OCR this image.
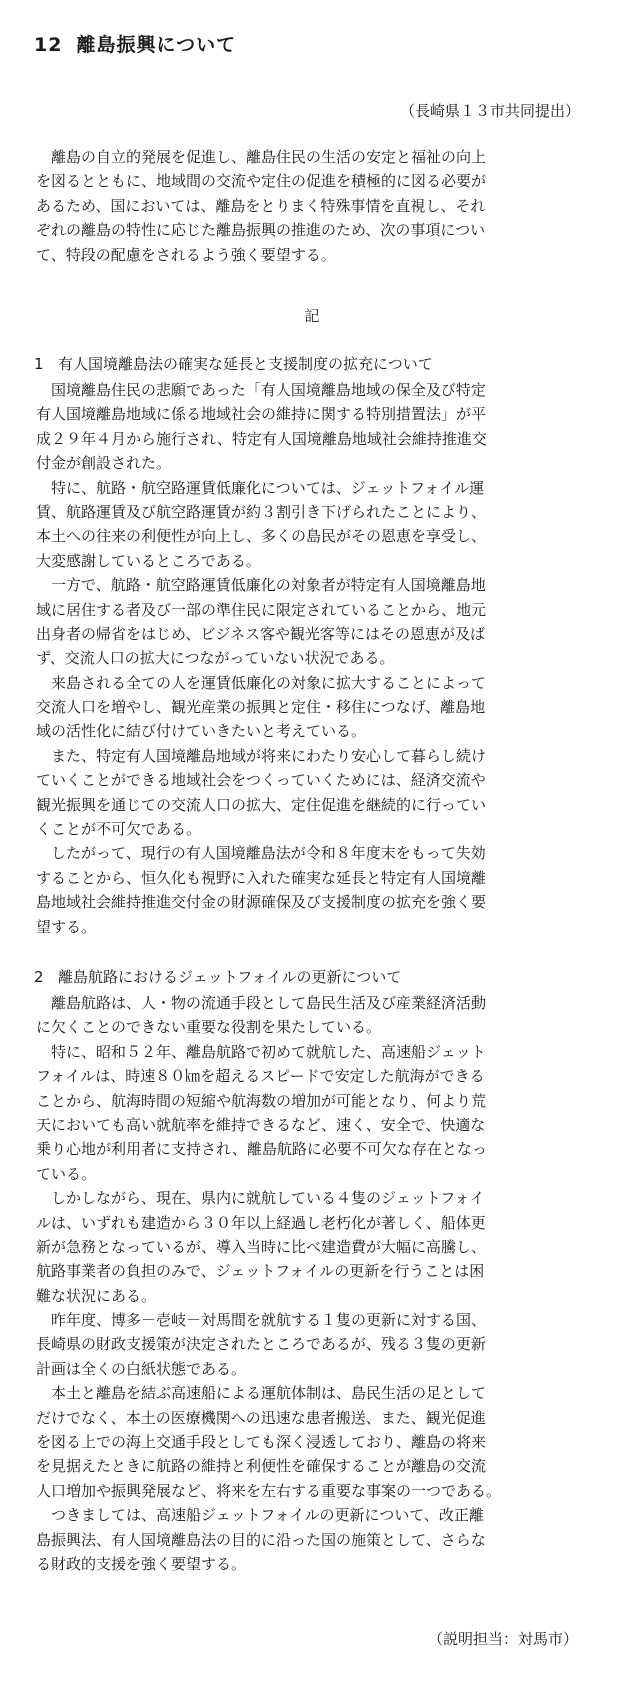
12 離島振興について
（長崎県１３市共同提出）
　離島の自立的発展を促進し、離島住民の生活の安定と福祉の向上
を図るとともに、地域間の交流や定住の促進を積極的に図る必要が
あるため、国においては、離島をとりまく特殊事情を直視し、それ
ぞれの離島の特性に応じた離島振興の推進のため、次の事項につい
て、特段の配慮をされるよう強く要望する。
記
1 有人国境離島法の確実な延長と支援制度の拡充について
　国境離島住民の悲願であった「有人国境離島地域の保全及び特定
有人国境離島地域に係る地域社会の維持に関する特別措置法」が平
成２９年４月から施行され、特定有人国境離島地域社会維持推進交
付金が創設された。
　特に、航路・航空路運賃低廉化については、ジェットフォイル運
賃、航路運賃及び航空路運賃が約３割引き下げられたことにより、
本土への往来の利便性が向上し、多くの島民がその恩恵を享受し、
大変感謝しているところである。
　一方で、航路・航空路運賃低廉化の対象者が特定有人国境離島地
域に居住する者及び一部の準住民に限定されていることから、地元
出身者の帰省をはじめ、ビジネス客や観光客等にはその恩恵が及ば
ず、交流人口の拡大につながっていない状況である。
　来島される全ての人を運賃低廉化の対象に拡大することによって
交流人口を増やし、観光産業の振興と定住・移住につなげ、離島地
域の活性化に結び付けていきたいと考えている。
　また、特定有人国境離島地域が将来にわたり安心して暮らし続け
ていくことができる地域社会をつくっていくためには、経済交流や
観光振興を通じての交流人口の拡大、定住促進を継続的に行ってい
くことが不可欠である。
　したがって、現行の有人国境離島法が令和８年度末をもって失効
することから、恒久化も視野に入れた確実な延長と特定有人国境離
島地域社会維持推進交付金の財源確保及び支援制度の拡充を強く要
望する。
2 離島航路におけるジェットフォイルの更新について
　離島航路は、人・物の流通手段として島民生活及び産業経済活動
に欠くことのできない重要な役割を果たしている。
　特に、昭和５２年、離島航路で初めて就航した、高速船ジェット
フォイルは、時速８０㎞を超えるスピードで安定した航海ができる
ことから、航海時間の短縮や航海数の増加が可能となり、何より荒
天においても高い就航率を維持できるなど、速く、安全で、快適な
乗り心地が利用者に支持され、離島航路に必要不可欠な存在となっ
ている。
　しかしながら、現在、県内に就航している４隻のジェットフォイ
ルは、いずれも建造から３０年以上経過し老朽化が著しく、船体更
新が急務となっているが、導入当時に比べ建造費が大幅に高騰し、
航路事業者の負担のみで、ジェットフォイルの更新を行うことは困
難な状況にある。
　昨年度、博多－壱岐－対馬間を就航する１隻の更新に対する国、
長崎県の財政支援策が決定されたところであるが、残る３隻の更新
計画は全くの白紙状態である。
　本土と離島を結ぶ高速船による運航体制は、島民生活の足として
だけでなく、本土の医療機関への迅速な患者搬送、また、観光促進
を図る上での海上交通手段としても深く浸透しており、離島の将来
を見据えたときに航路の維持と利便性を確保することが離島の交流
人口増加や振興発展など、将来を左右する重要な事案の一つである。
　つきましては、高速船ジェットフォイルの更新について、改正離
島振興法、有人国境離島法の目的に沿った国の施策として、さらな
る財政的支援を強く要望する。
（説明担当：対馬市）
